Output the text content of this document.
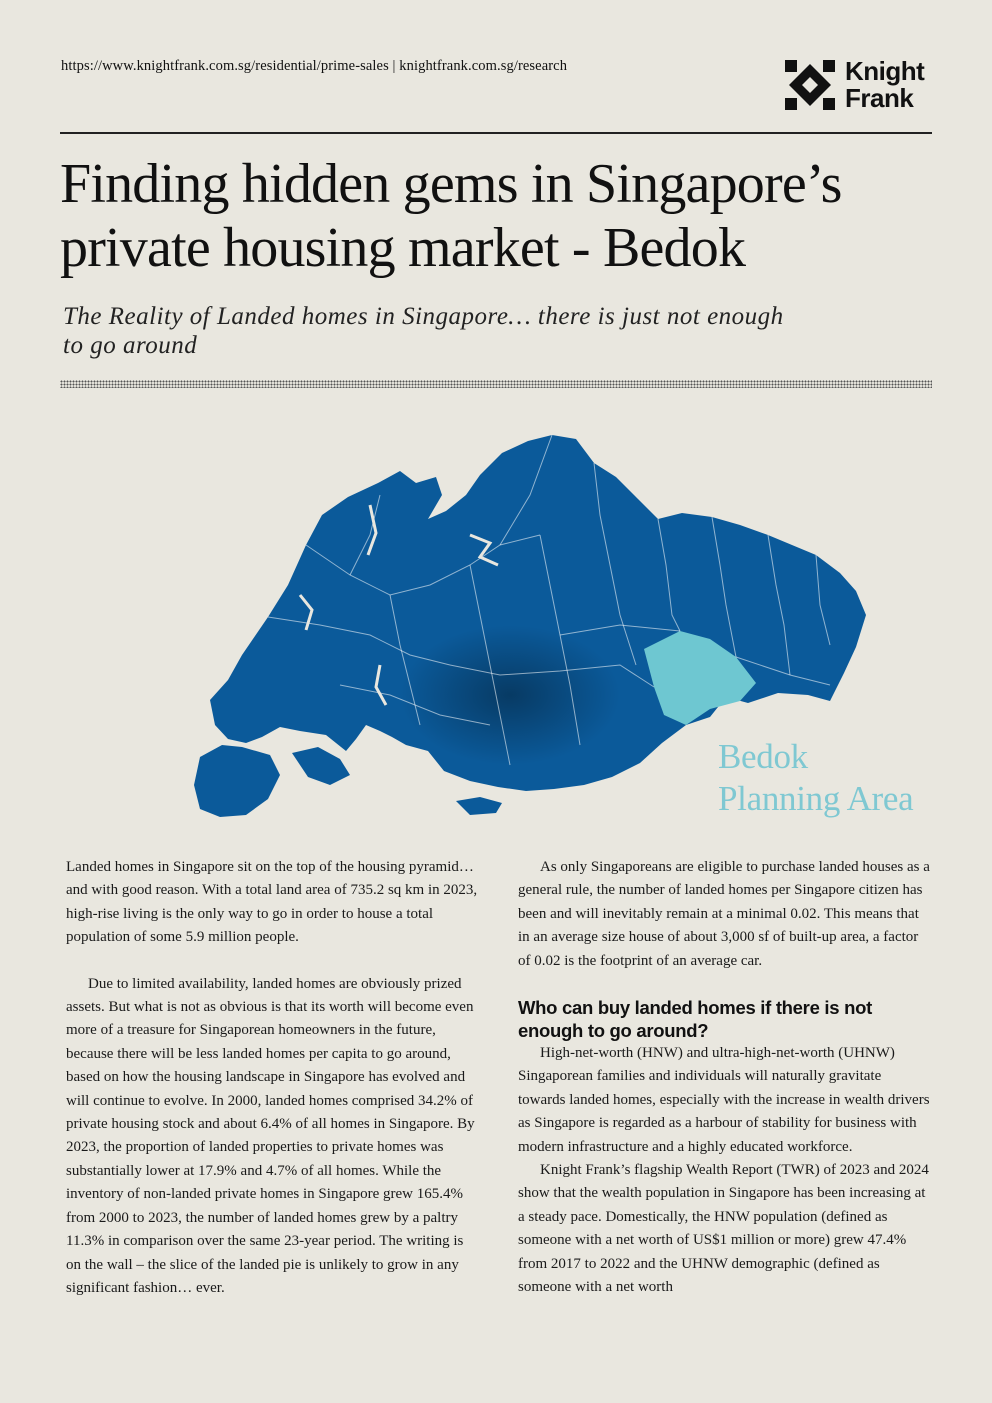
https://www.knightfrank.com.sg/residential/prime-sales | knightfrank.com.sg/research	Knight
Frank
Finding hidden gems in Singapore’s
private housing market - Bedok
The Reality of Landed homes in Singapore… there is just not enough
to go around
Bedok
Planning Area

Landed homes in Singapore sit on the top of the housing pyramid… and with good reason. With a total land area of 735.2 sq km in 2023, high-rise living is the only way to go in order to house a total population of some 5.9 million people.

Due to limited availability, landed homes are obviously prized assets. But what is not as obvious is that its worth will become even more of a treasure for Singaporean homeowners in the future, because there will be less landed homes per capita to go around, based on how the housing landscape in Singapore has evolved and will continue to evolve. In 2000, landed homes comprised 34.2% of private housing stock and about 6.4% of all homes in Singapore. By 2023, the proportion of landed properties to private homes was substantially lower at 17.9% and 4.7% of all homes. While the inventory of non-landed private homes in Singapore grew 165.4% from 2000 to 2023, the number of landed homes grew by a paltry 11.3% in comparison over the same 23-year period. The writing is on the wall – the slice of the landed pie is unlikely to grow in any significant fashion… ever.

As only Singaporeans are eligible to purchase landed houses as a general rule, the number of landed homes per Singapore citizen has been and will inevitably remain at a minimal 0.02. This means that in an average size house of about 3,000 sf of built-up area, a factor of 0.02 is the footprint of an average car.

Who can buy landed homes if there is not enough to go around?

High-net-worth (HNW) and ultra-high-net-worth (UHNW) Singaporean families and individuals will naturally gravitate towards landed homes, especially with the increase in wealth drivers as Singapore is regarded as a harbour of stability for business with modern infrastructure and a highly educated workforce.

Knight Frank’s flagship Wealth Report (TWR) of 2023 and 2024 show that the wealth population in Singapore has been increasing at a steady pace. Domestically, the HNW population (defined as someone with a net worth of US$1 million or more) grew 47.4% from 2017 to 2022 and the UHNW demographic (defined as someone with a net worth
